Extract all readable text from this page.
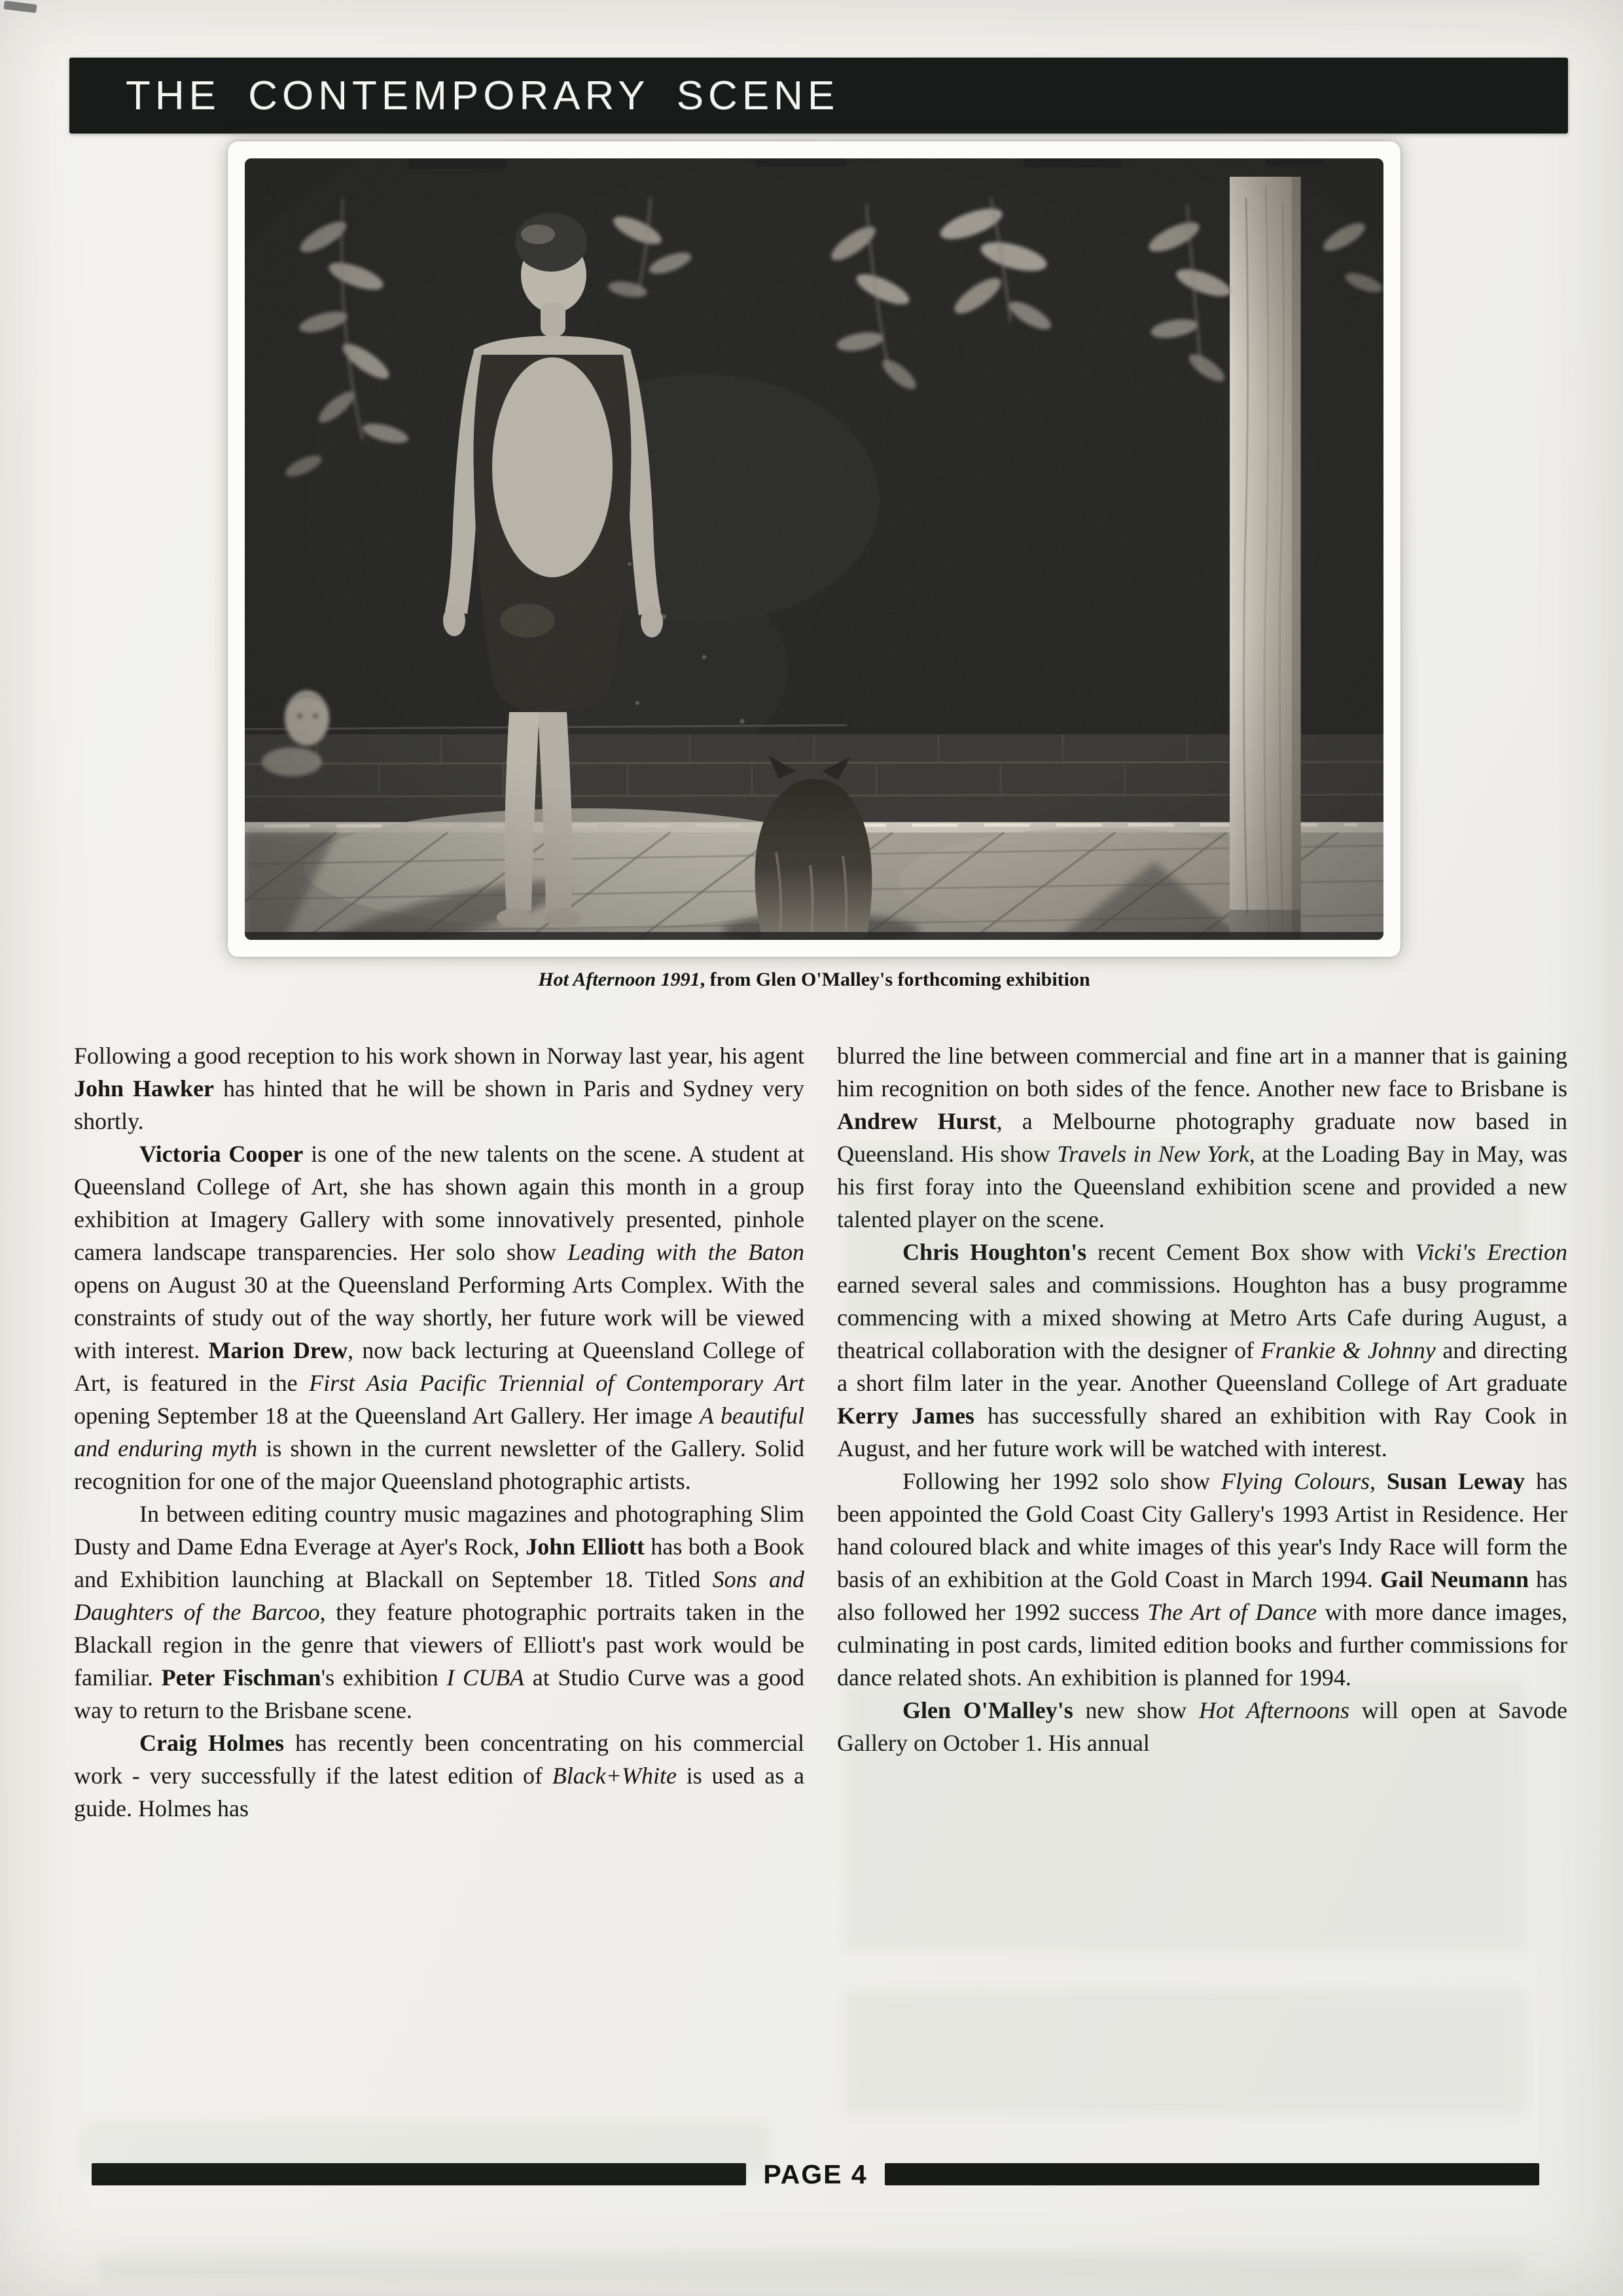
THE CONTEMPORARY SCENE

Hot Afternoon 1991, from Glen O'Malley's forthcoming exhibition

Following a good reception to his work shown in Norway last year, his agent John Hawker has hinted that he will be shown in Paris and Sydney very shortly.

Victoria Cooper is one of the new talents on the scene. A student at Queensland College of Art, she has shown again this month in a group exhibition at Imagery Gallery with some innovatively presented, pinhole camera landscape transparencies. Her solo show Leading with the Baton opens on August 30 at the Queensland Performing Arts Complex. With the constraints of study out of the way shortly, her future work will be viewed with interest. Marion Drew, now back lecturing at Queensland College of Art, is featured in the First Asia Pacific Triennial of Contemporary Art opening September 18 at the Queensland Art Gallery. Her image A beautiful and enduring myth is shown in the current newsletter of the Gallery. Solid recognition for one of the major Queensland photographic artists.

In between editing country music magazines and photographing Slim Dusty and Dame Edna Everage at Ayer's Rock, John Elliott has both a Book and Exhibition launching at Blackall on September 18. Titled Sons and Daughters of the Barcoo, they feature photographic portraits taken in the Blackall region in the genre that viewers of Elliott's past work would be familiar. Peter Fischman's exhibition I CUBA at Studio Curve was a good way to return to the Brisbane scene.

Craig Holmes has recently been concentrating on his commercial work - very successfully if the latest edition of Black+White is used as a guide. Holmes has

blurred the line between commercial and fine art in a manner that is gaining him recognition on both sides of the fence. Another new face to Brisbane is Andrew Hurst, a Melbourne photography graduate now based in Queensland. His show Travels in New York, at the Loading Bay in May, was his first foray into the Queensland exhibition scene and provided a new talented player on the scene.

Chris Houghton's recent Cement Box show with Vicki's Erection earned several sales and commissions. Houghton has a busy programme commencing with a mixed showing at Metro Arts Cafe during August, a theatrical collaboration with the designer of Frankie & Johnny and directing a short film later in the year. Another Queensland College of Art graduate Kerry James has successfully shared an exhibition with Ray Cook in August, and her future work will be watched with interest.

Following her 1992 solo show Flying Colours, Susan Leway has been appointed the Gold Coast City Gallery's 1993 Artist in Residence. Her hand coloured black and white images of this year's Indy Race will form the basis of an exhibition at the Gold Coast in March 1994. Gail Neumann has also followed her 1992 success The Art of Dance with more dance images, culminating in post cards, limited edition books and further commissions for dance related shots. An exhibition is planned for 1994.

Glen O'Malley's new show Hot Afternoons will open at Savode Gallery on October 1. His annual

PAGE 4
